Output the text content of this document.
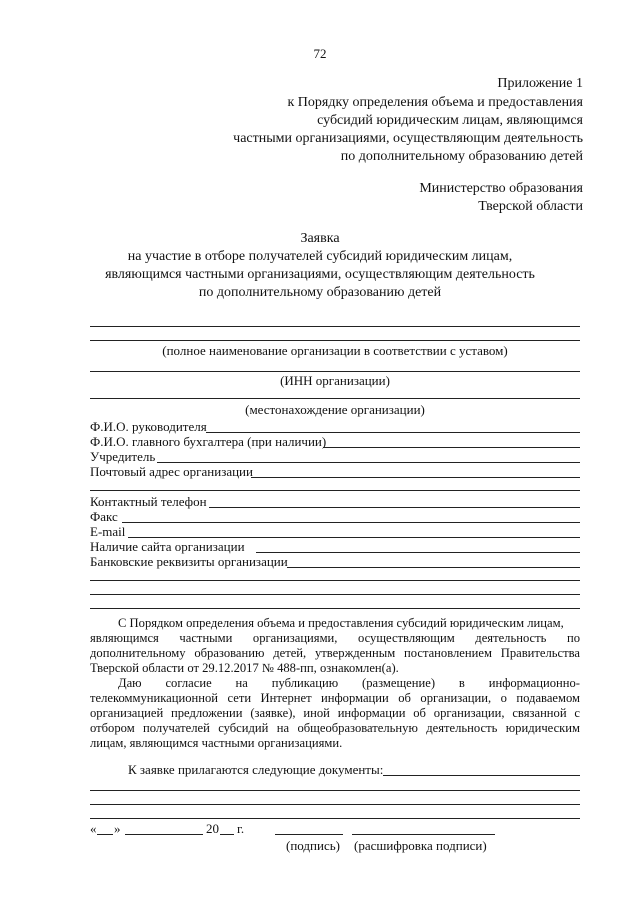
72
Приложение 1
к Порядку определения объема и предоставления
субсидий юридическим лицам, являющимся
частными организациями, осуществляющим деятельность
по дополнительному образованию детей
Министерство образования
Тверской области
Заявка
на участие в отборе получателей субсидий юридическим лицам,
являющимся частными организациями, осуществляющим деятельность
по дополнительному образованию детей
(полное наименование организации в соответствии с уставом)
(ИНН организации)
(местонахождение организации)
Ф.И.О. руководителя
Ф.И.О. главного бухгалтера (при наличии)
Учредитель
Почтовый адрес организации
Контактный телефон
Факс
E-mail
Наличие сайта организации
Банковские реквизиты организации
С Порядком определения объема и предоставления субсидий юридическим лицам,
являющимся частными организациями, осуществляющим деятельность по
дополнительному образованию детей, утвержденным постановлением Правительства
Тверской области от 29.12.2017 № 488-пп, ознакомлен(а).
Даю согласие на публикацию (размещение) в информационно-
телекоммуникационной сети Интернет информации об организации, о подаваемом
организацией предложении (заявке), иной информации об организации, связанной с
отбором получателей субсидий на общеобразовательную деятельность юридическим
лицам, являющимся частными организациями.
К заявке прилагаются следующие документы:
« »	20 г.
(подпись) (расшифровка подписи)
